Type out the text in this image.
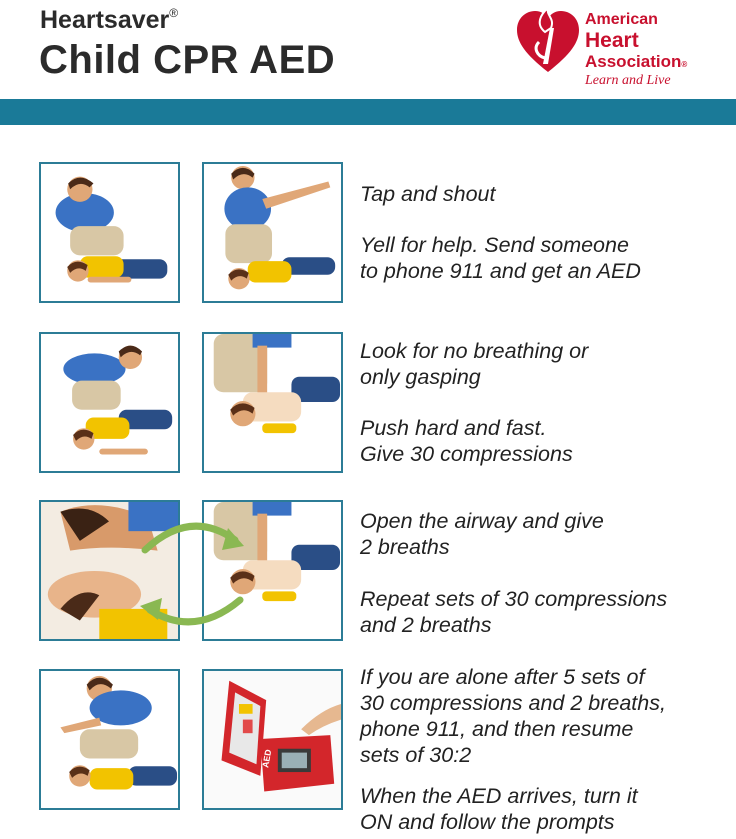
Heartsaver®
Child CPR AED
American
Heart
Association®
Learn and Live
AED
Tap and shout
Yell for help. Send someone
to phone 911 and get an AED
Look for no breathing or
only gasping
Push hard and fast.
Give 30 compressions
Open the airway and give
2 breaths
Repeat sets of 30 compressions
and 2 breaths
If you are alone after 5 sets of
30 compressions and 2 breaths,
phone 911, and then resume
sets of 30:2
When the AED arrives, turn it
ON and follow the prompts
